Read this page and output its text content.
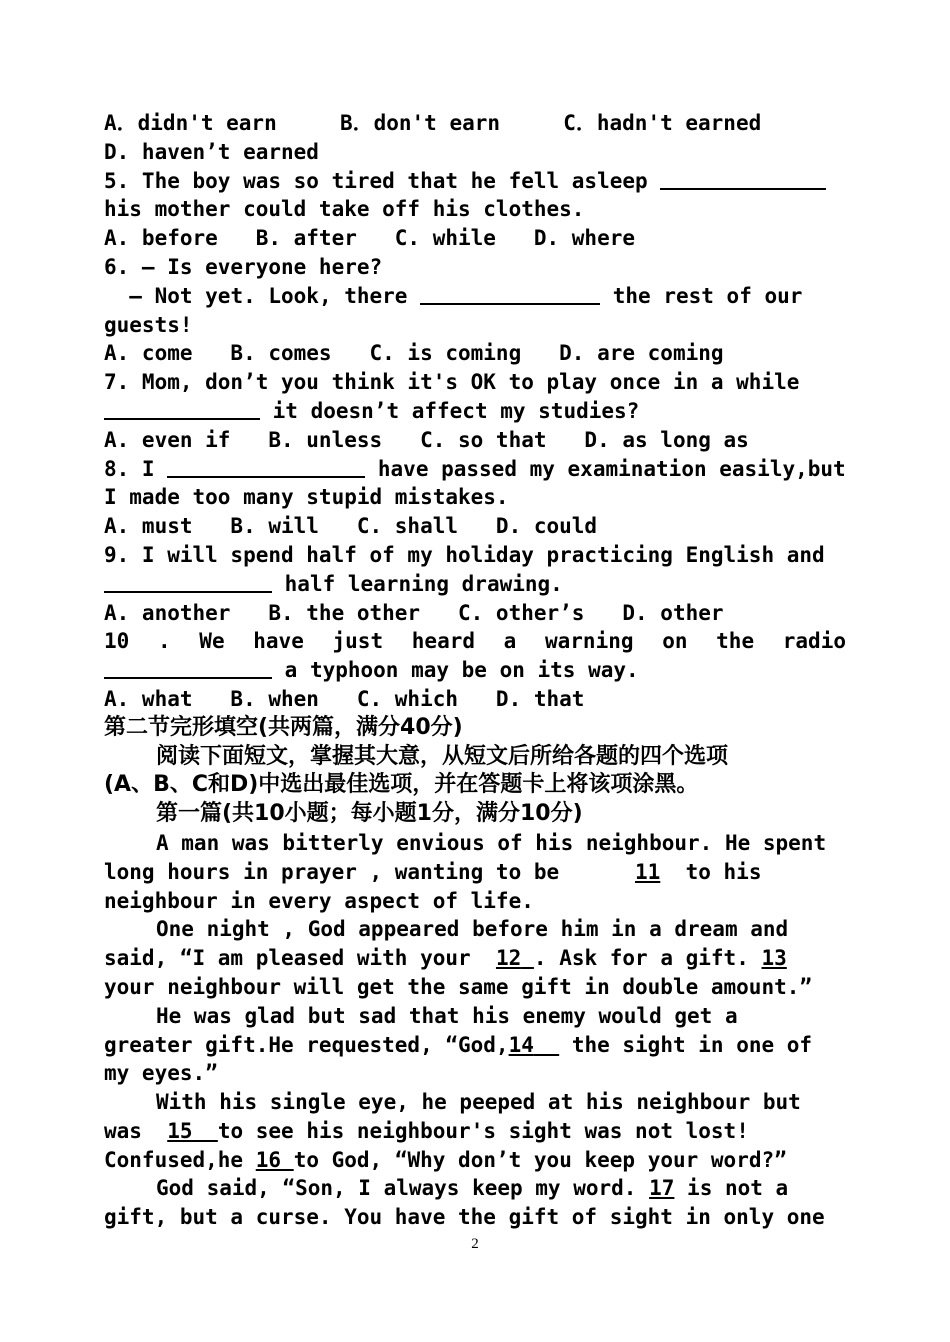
A．didn't earn	B．don't earn	C．hadn't earned
D. haven’t earned
5. The boy was so tired that he fell asleep
his mother could take off his clothes.
A. before   B. after   C. while   D. where
6. — Is everyone here?
— Not yet. Look, there	the rest of our
guests!
A. come   B. comes   C. is coming   D. are coming
7. Mom, don’t you think it's OK to play once in a while
it doesn’t affect my studies?
A. even if   B. unless   C. so that   D. as long as
8. I	have passed my examination easily,but
I made too many stupid mistakes.
A. must   B. will   C. shall   D. could
9. I will spend half of my holiday practicing English and
half learning drawing.
A. another   B. the other   C. other’s   D. other
10 . We have just heard a warning on the radio
a typhoon may be on its way.
A. what   B. when   C. which   D. that
第二节完形填空(共两篇，满分40分)
阅读下面短文，掌握其大意，从短文后所给各题的四个选项
(A、B、C和D)中选出最佳选项，并在答题卡上将该项涂黑。
第一篇(共10小题；每小题1分，满分10分)
A man was bitterly envious of his neighbour. He spent
long hours in prayer , wanting to be	11 to his
neighbour in every aspect of life.
One night , God appeared before him in a dream and
said, “I am pleased with your 12 . Ask for a gift. 13
your neighbour will get the same gift in double amount.”
He was glad but sad that his enemy would get a
greater gift.He requested, “God,14 the sight in one of
my eyes.”
With his single eye, he peeped at his neighbour but
was 15 to see his neighbour's sight was not lost!
Confused,he 16 to God, “Why don’t you keep your word?”
God said, “Son, I always keep my word. 17 is not a
gift, but a curse. You have the gift of sight in only one
2
